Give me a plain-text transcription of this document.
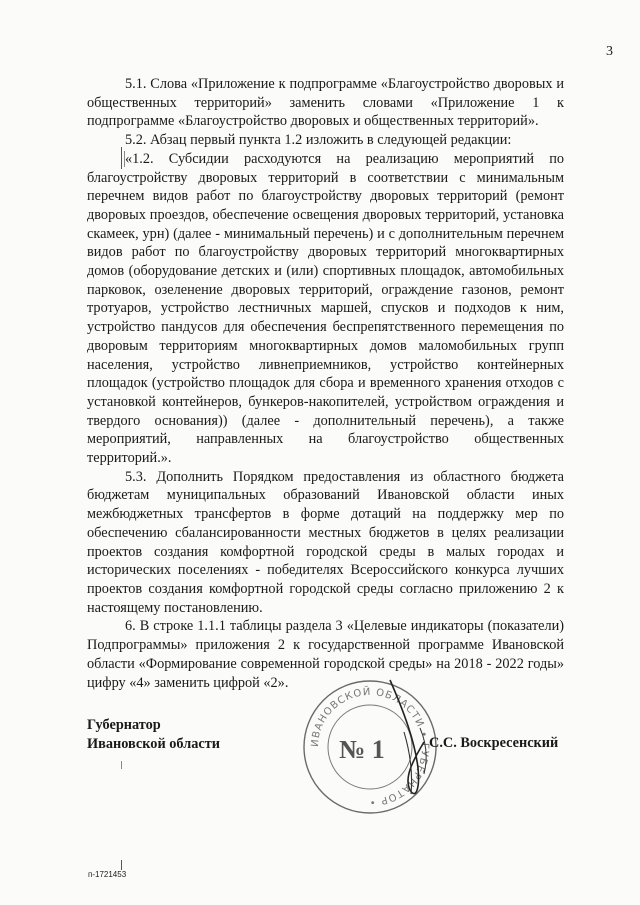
3

5.1. Слова «Приложение к подпрограмме «Благоустройство дворовых и общественных территорий» заменить словами «Приложение 1 к подпрограмме «Благоустройство дворовых и общественных территорий».

5.2. Абзац первый пункта 1.2 изложить в следующей редакции:

«1.2. Субсидии расходуются на реализацию мероприятий по благоустройству дворовых территорий в соответствии с минимальным перечнем видов работ по благоустройству дворовых территорий (ремонт дворовых проездов, обеспечение освещения дворовых территорий, установка скамеек, урн) (далее - минимальный перечень) и с дополнительным перечнем видов работ по благоустройству дворовых территорий многоквартирных домов (оборудование детских и (или) спортивных площадок, автомобильных парковок, озеленение дворовых территорий, ограждение газонов, ремонт тротуаров, устройство лестничных маршей, спусков и подходов к ним, устройство пандусов для обеспечения беспрепятственного перемещения по дворовым территориям многоквартирных домов маломобильных групп населения, устройство ливнеприемников, устройство контейнерных площадок (устройство площадок для сбора и временного хранения отходов с установкой контейнеров, бункеров-накопителей, устройством ограждения и твердого основания)) (далее - дополнительный перечень), а также мероприятий, направленных на благоустройство общественных территорий.».

5.3. Дополнить Порядком предоставления из областного бюджета бюджетам муниципальных образований Ивановской области иных межбюджетных трансфертов в форме дотаций на поддержку мер по обеспечению сбалансированности местных бюджетов в целях реализации проектов создания комфортной городской среды в малых городах и исторических поселениях - победителях Всероссийского конкурса лучших проектов создания комфортной городской среды согласно приложению 2 к настоящему постановлению.

6. В строке 1.1.1 таблицы раздела 3 «Целевые индикаторы (показатели) Подпрограммы» приложения 2 к государственной программе Ивановской области «Формирование современной городской среды» на 2018 - 2022 годы» цифру «4» заменить цифрой «2».

Губернатор
Ивановской области	ИВАНОВСКОЙ ОБЛАСТИ • ГУБЕРНАТОР •
№ 1	С.С. Воскресенский
п-1721453
